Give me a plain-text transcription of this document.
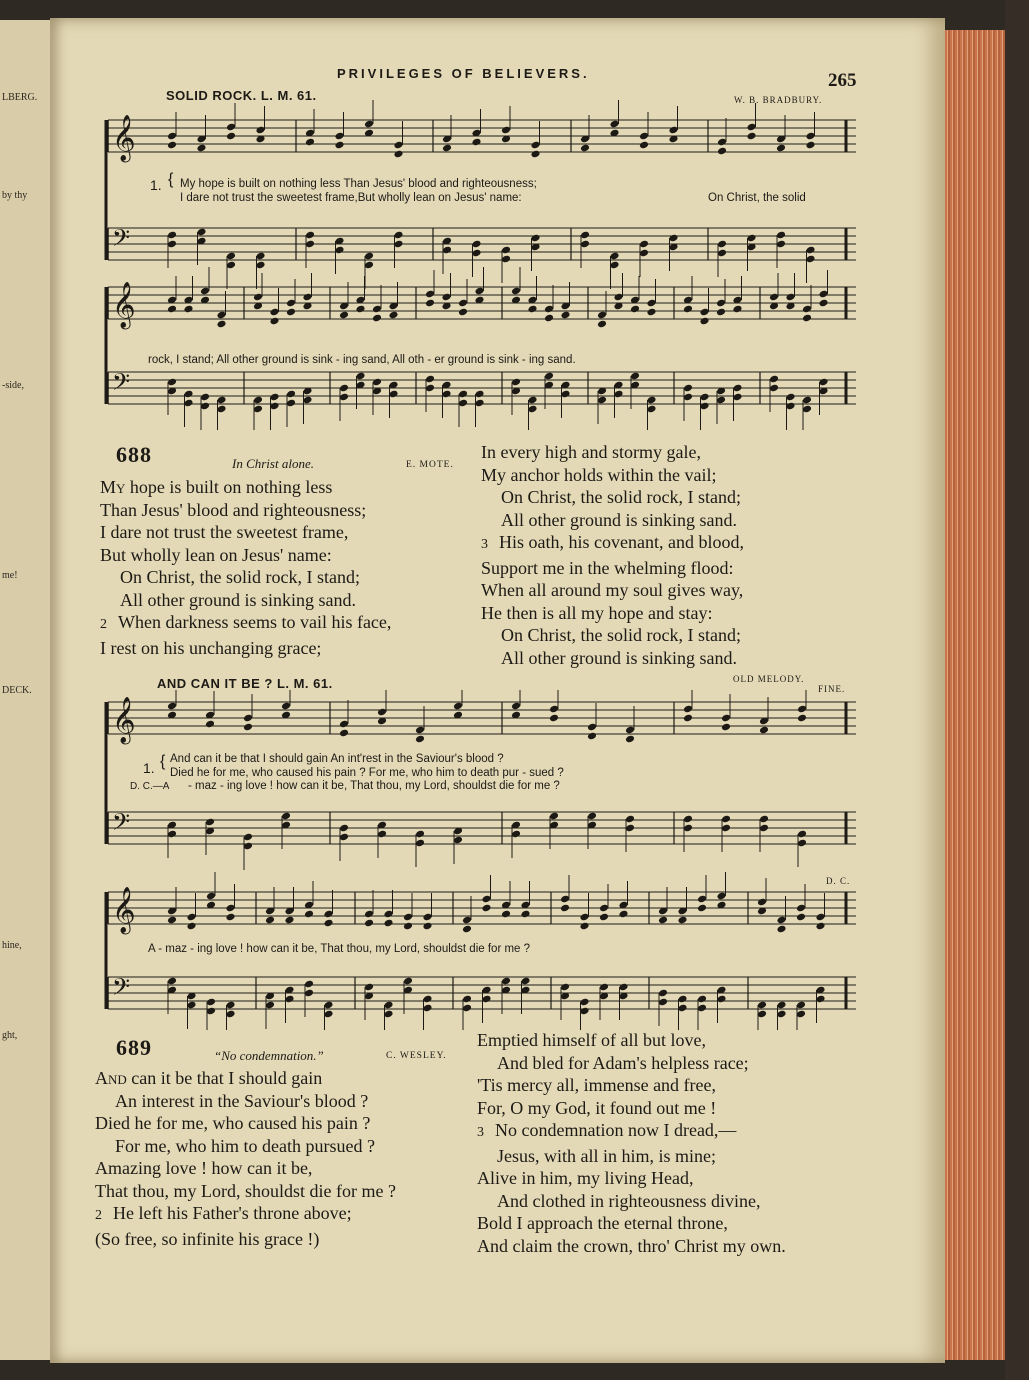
LBERG.
by thy
-side,
me!
DECK.
hine,
ght,
PRIVILEGES OF BELIEVERS.	265
SOLID ROCK. L. M. 61.	W. B. BRADBURY.
𝄞
𝄢
𝄞
𝄢
1. { My hope is built on nothing less Than Jesus' blood and righteousness;
I dare not trust the sweetest frame,But wholly lean on Jesus' name:	On Christ, the solid
rock, I stand; All other ground is sink - ing sand, All oth - er ground is sink - ing sand.
688	In Christ alone.	E. MOTE.
My hope is built on nothing less
Than Jesus' blood and righteousness;
I dare not trust the sweetest frame,
But wholly lean on Jesus' name:
On Christ, the solid rock, I stand;
All other ground is sinking sand.
2 When darkness seems to vail his face,
I rest on his unchanging grace;
In every high and stormy gale,
My anchor holds within the vail;
On Christ, the solid rock, I stand;
All other ground is sinking sand.
3 His oath, his covenant, and blood,
Support me in the whelming flood:
When all around my soul gives way,
He then is all my hope and stay:
On Christ, the solid rock, I stand;
All other ground is sinking sand.
AND CAN IT BE ? L. M. 61.	OLD MELODY.
FINE.
𝄞
𝄢
𝄞
𝄢
1. { And can it be that I should gain An int'rest in the Saviour's blood ?
Died he for me, who caused his pain ? For me, who him to death pur - sued ?
D. C.—A - maz - ing love ! how can it be, That thou, my Lord, shouldst die for me ?
D. C.
A - maz - ing love ! how can it be, That thou, my Lord, shouldst die for me ?
689	“No condemnation.”	C. WESLEY.
And can it be that I should gain
An interest in the Saviour's blood ?
Died he for me, who caused his pain ?
For me, who him to death pursued ?
Amazing love ! how can it be,
That thou, my Lord, shouldst die for me ?
2 He left his Father's throne above;
(So free, so infinite his grace !)
Emptied himself of all but love,
And bled for Adam's helpless race;
'Tis mercy all, immense and free,
For, O my God, it found out me !
3 No condemnation now I dread,—
Jesus, with all in him, is mine;
Alive in him, my living Head,
And clothed in righteousness divine,
Bold I approach the eternal throne,
And claim the crown, thro' Christ my own.
